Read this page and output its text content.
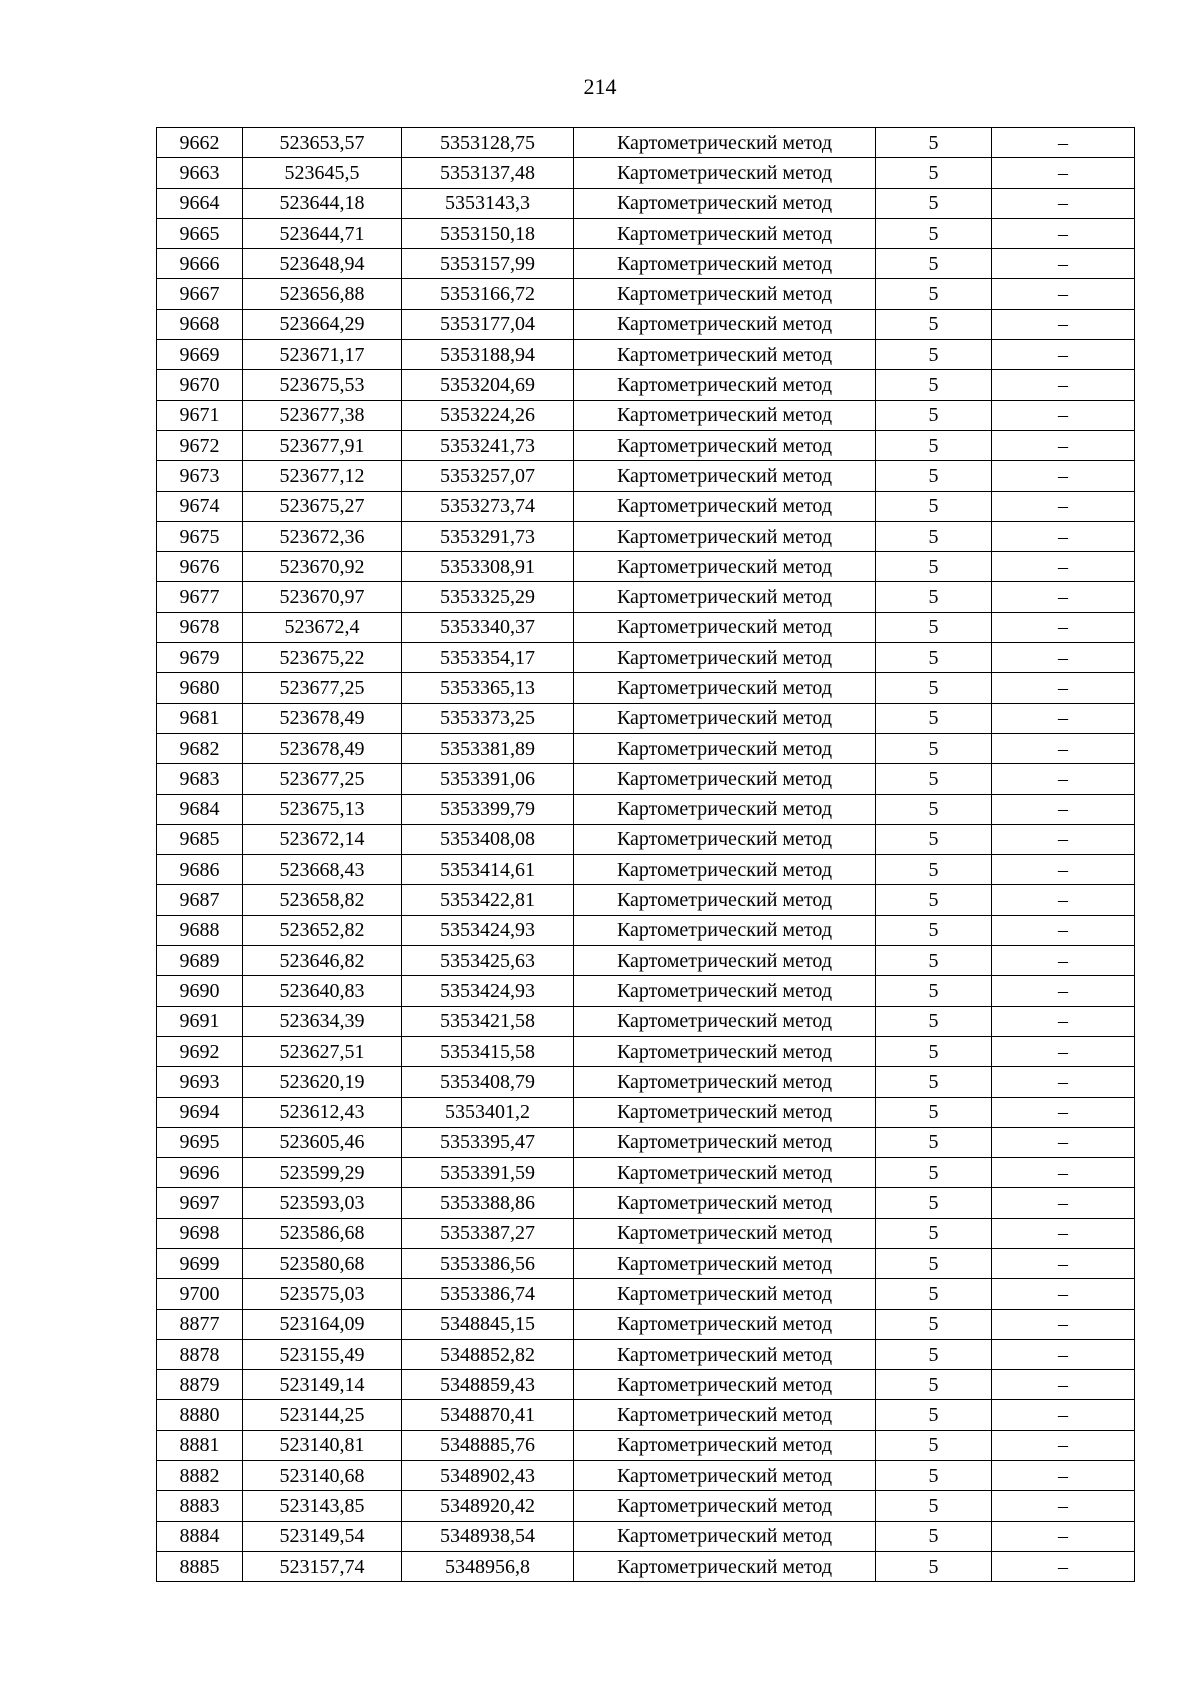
214
9662	523653,57	5353128,75	Картометрический метод	5	–
9663	523645,5	5353137,48	Картометрический метод	5	–
9664	523644,18	5353143,3	Картометрический метод	5	–
9665	523644,71	5353150,18	Картометрический метод	5	–
9666	523648,94	5353157,99	Картометрический метод	5	–
9667	523656,88	5353166,72	Картометрический метод	5	–
9668	523664,29	5353177,04	Картометрический метод	5	–
9669	523671,17	5353188,94	Картометрический метод	5	–
9670	523675,53	5353204,69	Картометрический метод	5	–
9671	523677,38	5353224,26	Картометрический метод	5	–
9672	523677,91	5353241,73	Картометрический метод	5	–
9673	523677,12	5353257,07	Картометрический метод	5	–
9674	523675,27	5353273,74	Картометрический метод	5	–
9675	523672,36	5353291,73	Картометрический метод	5	–
9676	523670,92	5353308,91	Картометрический метод	5	–
9677	523670,97	5353325,29	Картометрический метод	5	–
9678	523672,4	5353340,37	Картометрический метод	5	–
9679	523675,22	5353354,17	Картометрический метод	5	–
9680	523677,25	5353365,13	Картометрический метод	5	–
9681	523678,49	5353373,25	Картометрический метод	5	–
9682	523678,49	5353381,89	Картометрический метод	5	–
9683	523677,25	5353391,06	Картометрический метод	5	–
9684	523675,13	5353399,79	Картометрический метод	5	–
9685	523672,14	5353408,08	Картометрический метод	5	–
9686	523668,43	5353414,61	Картометрический метод	5	–
9687	523658,82	5353422,81	Картометрический метод	5	–
9688	523652,82	5353424,93	Картометрический метод	5	–
9689	523646,82	5353425,63	Картометрический метод	5	–
9690	523640,83	5353424,93	Картометрический метод	5	–
9691	523634,39	5353421,58	Картометрический метод	5	–
9692	523627,51	5353415,58	Картометрический метод	5	–
9693	523620,19	5353408,79	Картометрический метод	5	–
9694	523612,43	5353401,2	Картометрический метод	5	–
9695	523605,46	5353395,47	Картометрический метод	5	–
9696	523599,29	5353391,59	Картометрический метод	5	–
9697	523593,03	5353388,86	Картометрический метод	5	–
9698	523586,68	5353387,27	Картометрический метод	5	–
9699	523580,68	5353386,56	Картометрический метод	5	–
9700	523575,03	5353386,74	Картометрический метод	5	–
8877	523164,09	5348845,15	Картометрический метод	5	–
8878	523155,49	5348852,82	Картометрический метод	5	–
8879	523149,14	5348859,43	Картометрический метод	5	–
8880	523144,25	5348870,41	Картометрический метод	5	–
8881	523140,81	5348885,76	Картометрический метод	5	–
8882	523140,68	5348902,43	Картометрический метод	5	–
8883	523143,85	5348920,42	Картометрический метод	5	–
8884	523149,54	5348938,54	Картометрический метод	5	–
8885	523157,74	5348956,8	Картометрический метод	5	–
